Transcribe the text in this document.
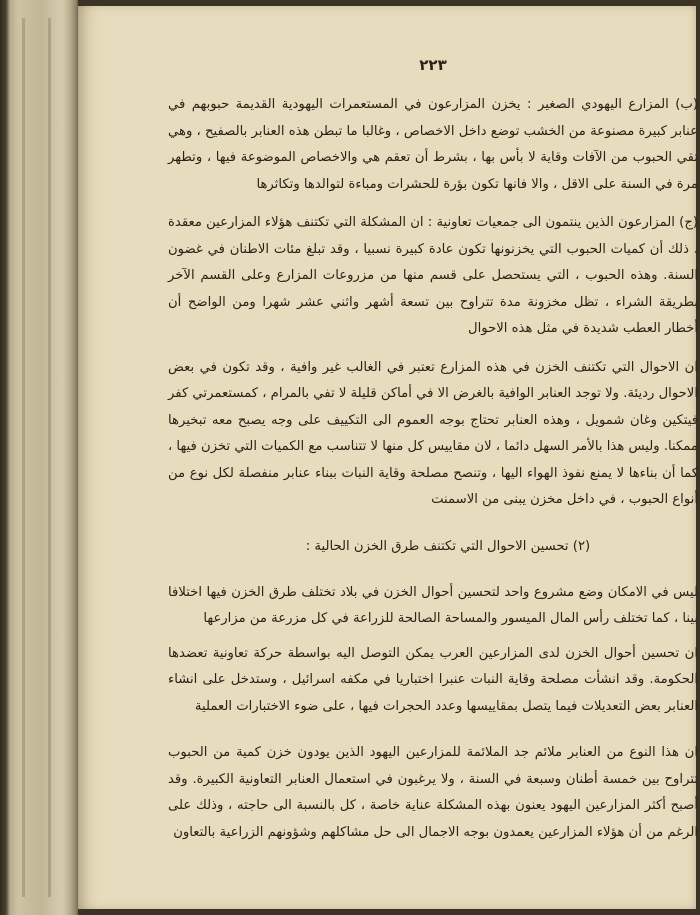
٢٢٣

(ب) المزارع اليهودي الصغير : يخزن المزارعون في المستعمرات اليهودية القديمة حبوبهم في عنابر كبيرة مصنوعة من الخشب توضع داخل الاخصاص ، وغالبا ما تبطن هذه العنابر بالصفيح ، وهي تقي الحبوب من الآفات وقاية لا بأس بها ، بشرط أن تعقم هي والاخصاص الموضوعة فيها ، وتطهر مرة في السنة على الاقل ، والا فانها تكون بؤرة للحشرات ومباءة لتوالدها وتكاثرها

(ج) المزارعون الذين ينتمون الى جمعيات تعاونية : ان المشكلة التي تكتنف هؤلاء المزارعين معقدة ، ذلك أن كميات الحبوب التي يخزنونها تكون عادة كبيرة نسبيا ، وقد تبلغ مئات الاطنان في غضون السنة. وهذه الحبوب ، التي يستحصل على قسم منها من مزروعات المزارع وعلى القسم الآخر بطريقة الشراء ، تظل مخزونة مدة تتراوح بين تسعة أشهر واثني عشر شهرا ومن الواضح أن أخطار العطب شديدة في مثل هذه الاحوال

ان الاحوال التي تكتنف الخزن في هذه المزارع تعتبر في الغالب غير وافية ، وقد تكون في بعض الاحوال رديئة. ولا توجد العنابر الوافية بالغرض الا في أماكن قليلة لا تفي بالمرام ، كمستعمرتي كفر فيتكين وغان شمويل ، وهذه العنابر تحتاج بوجه العموم الى التكييف على وجه يصبح معه تبخيرها ممكنا. وليس هذا بالأمر السهل دائما ، لان مقاييس كل منها لا تتناسب مع الكميات التي تخزن فيها ، كما أن بناءها لا يمنع نفوذ الهواء اليها ، وتنصح مصلحة وقاية النبات ببناء عنابر منفصلة لكل نوع من أنواع الحبوب ، في داخل مخزن يبنى من الاسمنت

(٢) تحسين الاحوال التي تكتنف طرق الخزن الحالية :

ليس في الامكان وضع مشروع واحد لتحسين أحوال الخزن في بلاد تختلف طرق الخزن فيها اختلافا بينا ، كما تختلف رأس المال الميسور والمساحة الصالحة للزراعة في كل مزرعة من مزارعها

ان تحسين أحوال الخزن لدى المزارعين العرب يمكن التوصل اليه بواسطة حركة تعاونية تعضدها الحكومة. وقد انشأت مصلحة وقاية النبات عنبرا اختباريا في مكفه اسرائيل ، وستدخل على انشاء العنابر بعض التعديلات فيما يتصل بمقاييسها وعدد الحجرات فيها ، على ضوء الاختبارات العملية

ان هذا النوع من العنابر ملائم جد الملائمة للمزارعين اليهود الذين يودون خزن كمية من الحبوب تتراوح بين خمسة أطنان وسبعة في السنة ، ولا يرغبون في استعمال العنابر التعاونية الكبيرة. وقد أصبح أكثر المزارعين اليهود يعنون بهذه المشكلة عناية خاصة ، كل بالنسبة الى حاجته ، وذلك على الرغم من أن هؤلاء المزارعين يعمدون بوجه الاجمال الى حل مشاكلهم وشؤونهم الزراعية بالتعاون
